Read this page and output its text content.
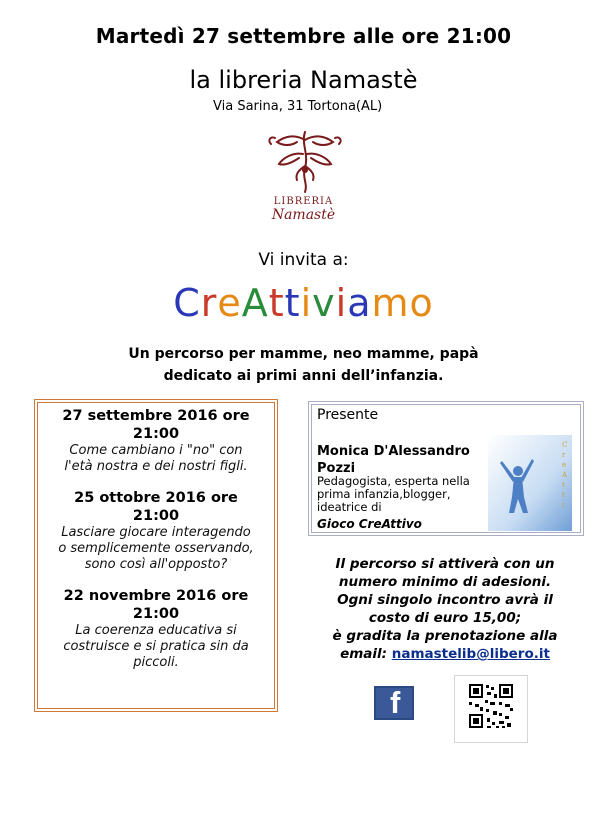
Martedì 27 settembre alle ore 21:00
la libreria Namastè
Via Sarina, 31 Tortona(AL)
LIBRERIA
Namastè
Vi invita a:
CreAttiviamo
Un percorso per mamme, neo mamme, papà
dedicato ai primi anni dell’infanzia.
27 settembre 2016 ore
21:00
Come cambiano i "no" con
l'età nostra e dei nostri figli.
25 ottobre 2016 ore
21:00
Lasciare giocare interagendo
o semplicemente osservando,
sono così all'opposto?
22 novembre 2016 ore
21:00
La coerenza educativa si
costruisce e si pratica sin da
piccoli.
Presente
Monica D'Alessandro
Pozzi
Pedagogista, esperta nella
prima infanzia,blogger,
ideatrice di
Gioco CreAttivo
C
r
e
A
t
t
i
Il percorso si attiverà con un
numero minimo di adesioni.
Ogni singolo incontro avrà il
costo di euro 15,00;
è gradita la prenotazione alla
email: namastelib@libero.it
f
